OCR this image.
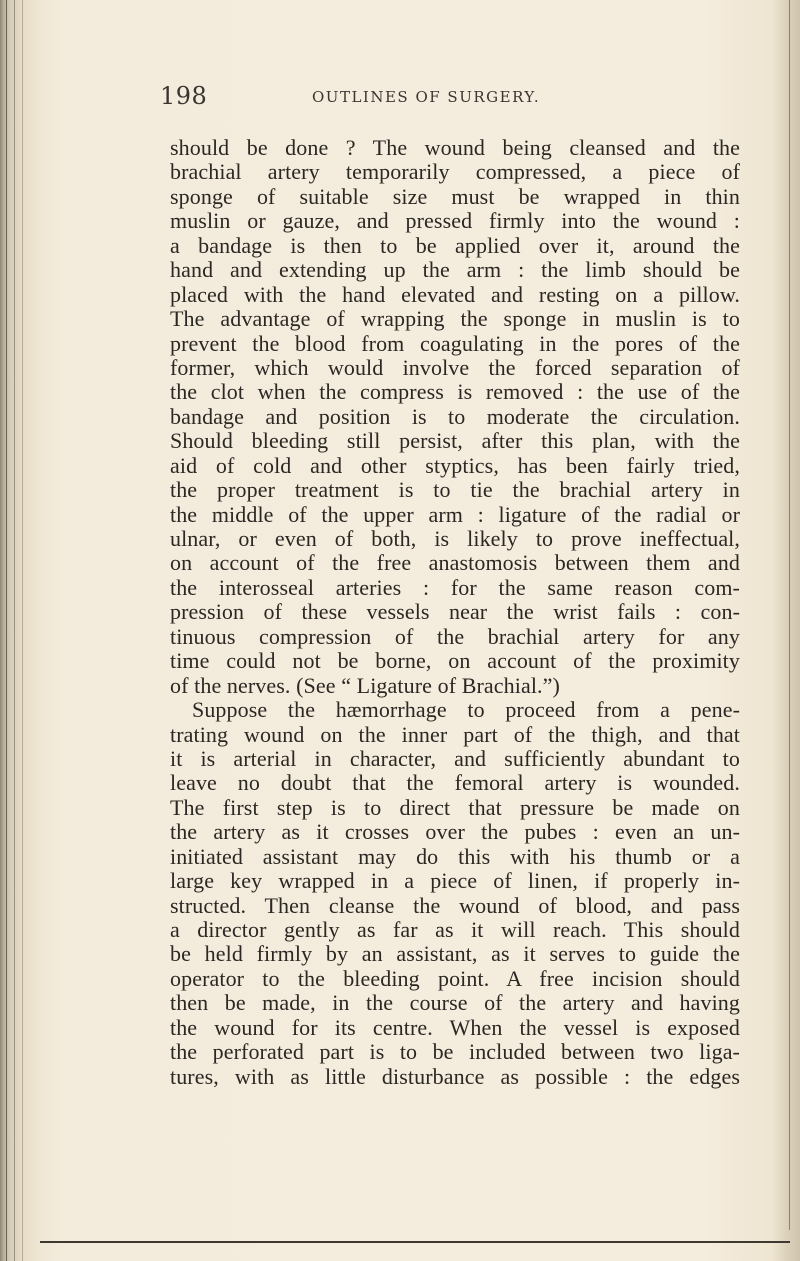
198	OUTLINES OF SURGERY.
should be done ? The wound being cleansed and the
brachial artery temporarily compressed, a piece of
sponge of suitable size must be wrapped in thin
muslin or gauze, and pressed firmly into the wound :
a bandage is then to be applied over it, around the
hand and extending up the arm : the limb should be
placed with the hand elevated and resting on a pillow.
The advantage of wrapping the sponge in muslin is to
prevent the blood from coagulating in the pores of the
former, which would involve the forced separation of
the clot when the compress is removed : the use of the
bandage and position is to moderate the circulation.
Should bleeding still persist, after this plan, with the
aid of cold and other styptics, has been fairly tried,
the proper treatment is to tie the brachial artery in
the middle of the upper arm : ligature of the radial or
ulnar, or even of both, is likely to prove ineffectual,
on account of the free anastomosis between them and
the interosseal arteries : for the same reason com-
pression of these vessels near the wrist fails : con-
tinuous compression of the brachial artery for any
time could not be borne, on account of the proximity
of the nerves. (See “ Ligature of Brachial.”)
Suppose the hæmorrhage to proceed from a pene-
trating wound on the inner part of the thigh, and that
it is arterial in character, and sufficiently abundant to
leave no doubt that the femoral artery is wounded.
The first step is to direct that pressure be made on
the artery as it crosses over the pubes : even an un-
initiated assistant may do this with his thumb or a
large key wrapped in a piece of linen, if properly in-
structed. Then cleanse the wound of blood, and pass
a director gently as far as it will reach. This should
be held firmly by an assistant, as it serves to guide the
operator to the bleeding point. A free incision should
then be made, in the course of the artery and having
the wound for its centre. When the vessel is exposed
the perforated part is to be included between two liga-
tures, with as little disturbance as possible : the edges
